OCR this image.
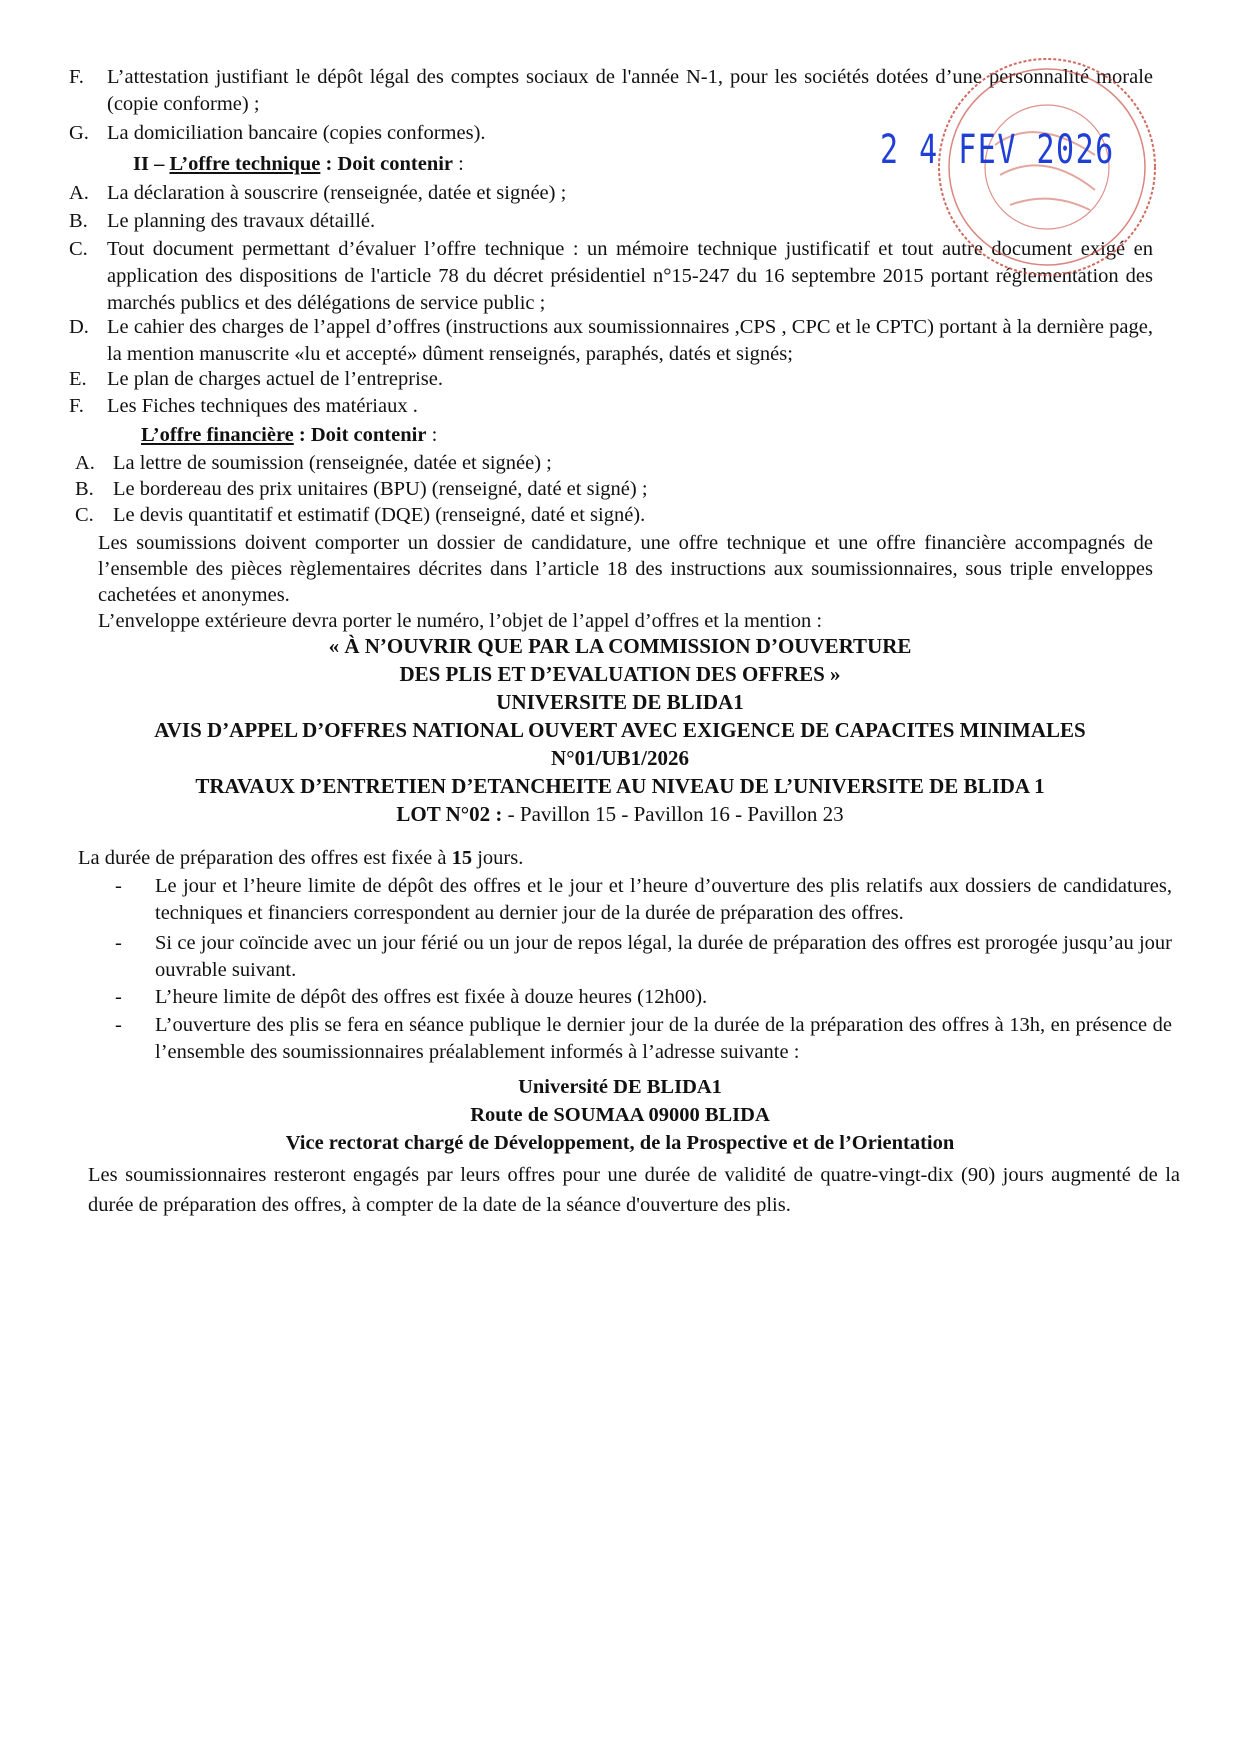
F. L’attestation justifiant le dépôt légal des comptes sociaux de l'année N-1, pour les sociétés dotées d’une personnalité morale (copie conforme) ;
G. La domiciliation bancaire (copies conformes).
II – L’offre technique : Doit contenir :
A. La déclaration à souscrire (renseignée, datée et signée) ;
B. Le planning des travaux détaillé.
C. Tout document permettant d’évaluer l’offre technique : un mémoire technique justificatif et tout autre document exigé en application des dispositions de l'article 78 du décret présidentiel n°15-247 du 16 septembre 2015 portant réglementation des marchés publics et des délégations de service public ;
D. Le cahier des charges de l’appel d’offres (instructions aux soumissionnaires ,CPS , CPC et le CPTC) portant à la dernière page, la mention manuscrite «lu et accepté» dûment renseignés, paraphés, datés et signés;
E. Le plan de charges actuel de l’entreprise.
F. Les Fiches techniques des matériaux .
L’offre financière : Doit contenir :
A. La lettre de soumission (renseignée, datée et signée) ;
B. Le bordereau des prix unitaires (BPU) (renseigné, daté et signé) ;
C. Le devis quantitatif et estimatif (DQE) (renseigné, daté et signé).
Les soumissions doivent comporter un dossier de candidature, une offre technique et une offre financière accompagnés de l’ensemble des pièces règlementaires décrites dans l’article 18 des instructions aux soumissionnaires, sous triple enveloppes cachetées et anonymes.
L’enveloppe extérieure devra porter le numéro, l’objet de l’appel d’offres et la mention :
« À N’OUVRIR QUE PAR LA COMMISSION D’OUVERTURE
DES PLIS ET D’EVALUATION DES OFFRES »
UNIVERSITE DE BLIDA1
AVIS D’APPEL D’OFFRES NATIONAL OUVERT AVEC EXIGENCE DE CAPACITES MINIMALES
N°01/UB1/2026
TRAVAUX D’ENTRETIEN D’ETANCHEITE AU NIVEAU DE L’UNIVERSITE DE BLIDA 1
LOT N°02 : - Pavillon 15 - Pavillon 16 - Pavillon 23
La durée de préparation des offres est fixée à 15 jours.
- Le jour et l’heure limite de dépôt des offres et le jour et l’heure d’ouverture des plis relatifs aux dossiers de candidatures, techniques et financiers correspondent au dernier jour de la durée de préparation des offres.
- Si ce jour coïncide avec un jour férié ou un jour de repos légal, la durée de préparation des offres est prorogée jusqu’au jour ouvrable suivant.
- L’heure limite de dépôt des offres est fixée à douze heures (12h00).
- L’ouverture des plis se fera en séance publique le dernier jour de la durée de la préparation des offres à 13h, en présence de l’ensemble des soumissionnaires préalablement informés à l’adresse suivante :
Université DE BLIDA1
Route de SOUMAA 09000 BLIDA
Vice rectorat chargé de Développement, de la Prospective et de l’Orientation
Les soumissionnaires resteront engagés par leurs offres pour une durée de validité de quatre-vingt-dix (90) jours augmenté de la durée de préparation des offres, à compter de la date de la séance d'ouverture des plis.
2 4 FEV 2026
